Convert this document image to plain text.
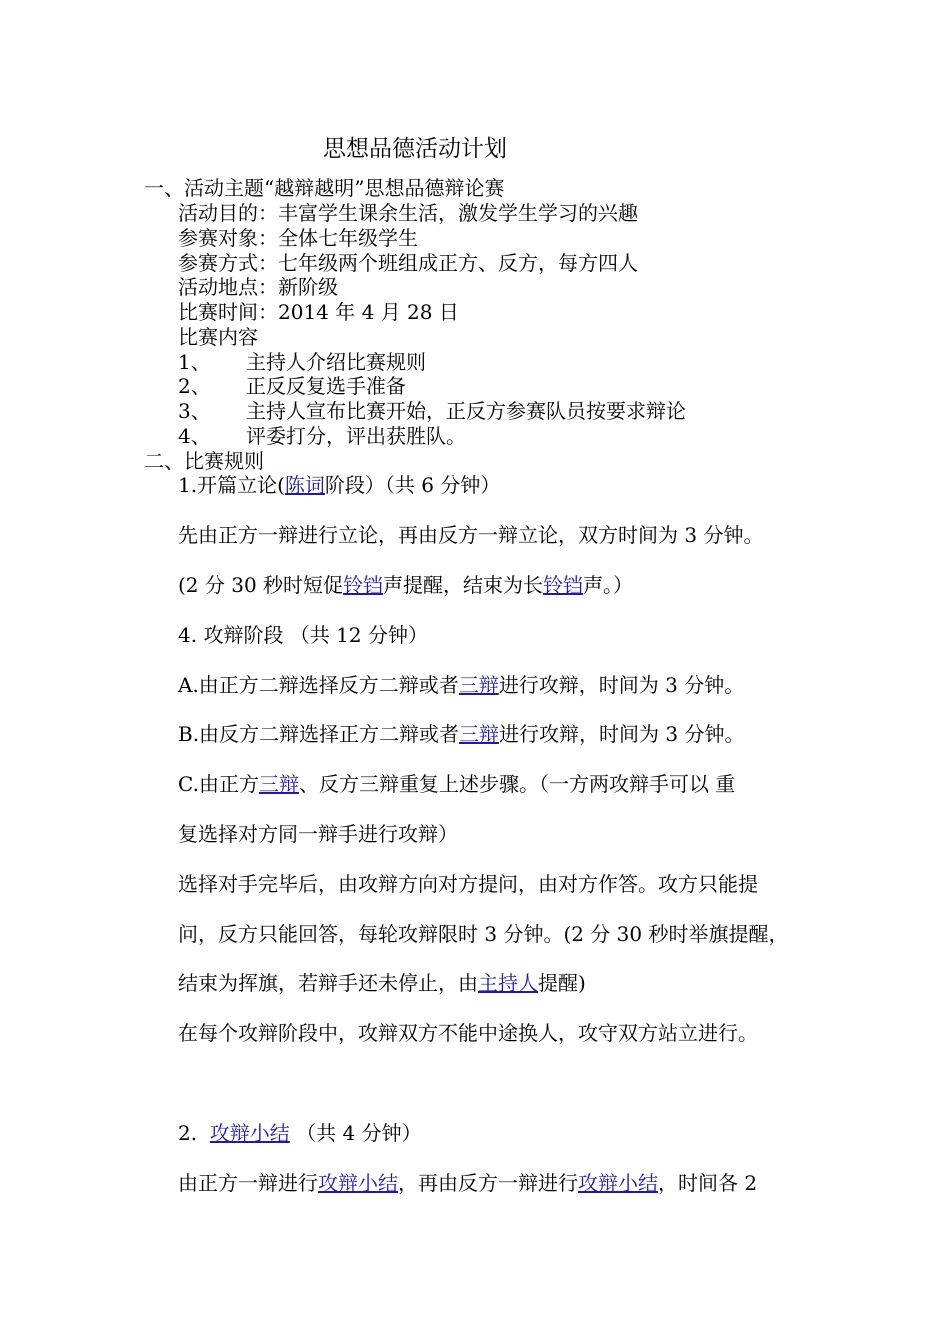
思想品德活动计划
一、活动主题“越辩越明”思想品德辩论赛
活动目的：丰富学生课余生活，激发学生学习的兴趣
参赛对象：全体七年级学生
参赛方式：七年级两个班组成正方、反方，每方四人
活动地点：新阶级
比赛时间：2014 年 4 月 28 日
比赛内容
1、 主持人介绍比赛规则
2、 正反反复选手准备
3、 主持人宣布比赛开始，正反方参赛队员按要求辩论
4、 评委打分，评出获胜队。
二、比赛规则
1.开篇立论(陈词阶段）（共 6 分钟）
先由正方一辩进行立论，再由反方一辩立论，双方时间为 3 分钟。
(2 分 30 秒时短促铃铛声提醒，结束为长铃铛声。）
4. 攻辩阶段 （共 12 分钟）
A.由正方二辩选择反方二辩或者三辩进行攻辩，时间为 3 分钟。
B.由反方二辩选择正方二辩或者三辩进行攻辩，时间为 3 分钟。
C.由正方三辩、反方三辩重复上述步骤。（一方两攻辩手可以 重
复选择对方同一辩手进行攻辩）
选择对手完毕后，由攻辩方向对方提问，由对方作答。攻方只能提
问，反方只能回答，每轮攻辩限时 3 分钟。(2 分 30 秒时举旗提醒，
结束为挥旗，若辩手还未停止，由主持人提醒)
在每个攻辩阶段中，攻辩双方不能中途换人，攻守双方站立进行。
2.  攻辩小结 （共 4 分钟）
由正方一辩进行攻辩小结，再由反方一辩进行攻辩小结，时间各 2
